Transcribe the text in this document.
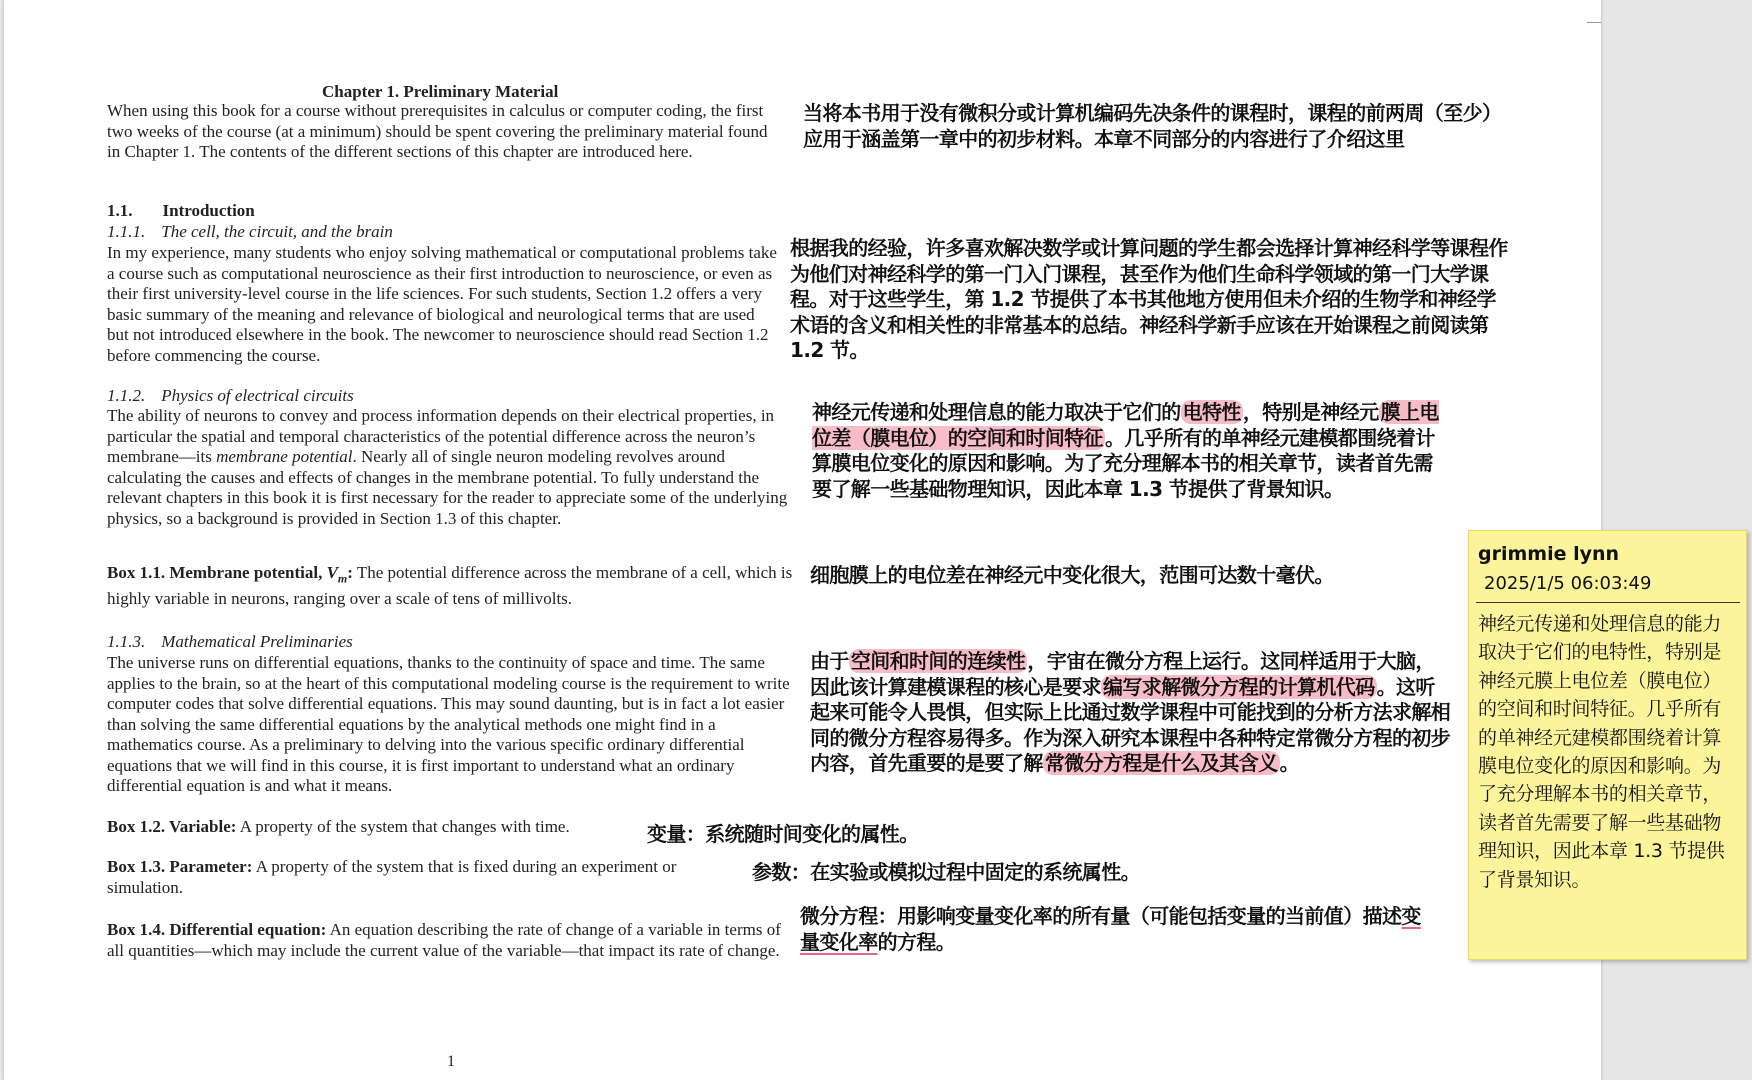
Chapter 1. Preliminary Material

When using this book for a course without prerequisites in calculus or computer coding, the first two weeks of the course (at a minimum) should be spent covering the preliminary material found in Chapter 1. The contents of the different sections of this chapter are introduced here.

当将本书用于没有微积分或计算机编码先决条件的课程时，课程的前两周（至少）应用于涵盖第一章中的初步材料。本章不同部分的内容进行了介绍这里

1.1. Introduction
1.1.1. The cell, the circuit, and the brain

In my experience, many students who enjoy solving mathematical or computational problems take a course such as computational neuroscience as their first introduction to neuroscience, or even as their first university-level course in the life sciences. For such students, Section 1.2 offers a very basic summary of the meaning and relevance of biological and neurological terms that are used but not introduced elsewhere in the book. The newcomer to neuroscience should read Section 1.2 before commencing the course.

根据我的经验，许多喜欢解决数学或计算问题的学生都会选择计算神经科学等课程作为他们对神经科学的第一门入门课程，甚至作为他们生命科学领域的第一门大学课程。对于这些学生，第 1.2 节提供了本书其他地方使用但未介绍的生物学和神经学术语的含义和相关性的非常基本的总结。神经科学新手应该在开始课程之前阅读第 1.2 节。

1.1.2. Physics of electrical circuits

The ability of neurons to convey and process information depends on their electrical properties, in particular the spatial and temporal characteristics of the potential difference across the neuron’s membrane—its membrane potential. Nearly all of single neuron modeling revolves around calculating the causes and effects of changes in the membrane potential. To fully understand the relevant chapters in this book it is first necessary for the reader to appreciate some of the underlying physics, so a background is provided in Section 1.3 of this chapter.

神经元传递和处理信息的能力取决于它们的 电特性 ，特别是神经元 膜上电位差（膜电位）的空间和时间特征 。几乎所有的单神经元建模都围绕着计算膜电位变化的原因和影响。为了充分理解本书的相关章节，读者首先需要了解一些基础物理知识，因此本章 1.3 节提供了背景知识。

Box 1.1. Membrane potential, $V_m$: The potential difference across the membrane of a cell, which is highly variable in neurons, ranging over a scale of tens of millivolts.

细胞膜上的电位差在神经元中变化很大，范围可达数十毫伏。

1.1.3. Mathematical Preliminaries

The universe runs on differential equations, thanks to the continuity of space and time. The same applies to the brain, so at the heart of this computational modeling course is the requirement to write computer codes that solve differential equations. This may sound daunting, but is in fact a lot easier than solving the same differential equations by the analytical methods one might find in a mathematics course. As a preliminary to delving into the various specific ordinary differential equations that we will find in this course, it is first important to understand what an ordinary differential equation is and what it means.

由于 空间和时间的连续性 ，宇宙在微分方程上运行。这同样适用于大脑，因此该计算建模课程的核心是要求 编写求解微分方程的计算机代码 。这听起来可能令人畏惧，但实际上比通过数学课程中可能找到的分析方法求解相同的微分方程容易得多。作为深入研究本课程中各种特定常微分方程的初步内容，首先重要的是要了解 常微分方程是什么及其含义 。

Box 1.2. Variable: A property of the system that changes with time.	变量：系统随时间变化的属性。

Box 1.3. Parameter: A property of the system that is fixed during an experiment or simulation.

参数：在实验或模拟过程中固定的系统属性。

Box 1.4. Differential equation: An equation describing the rate of change of a variable in terms of all quantities—which may include the current value of the variable—that impact its rate of change.

微分方程：用影响变量变化率的所有量（可能包括变量的当前值）描述变量变化率的方程。

1
grimmie lynn
2025/1/5 06:03:49
神经元传递和处理信息的能力取决于它们的电特性，特别是神经元膜上电位差（膜电位）的空间和时间特征。几乎所有的单神经元建模都围绕着计算膜电位变化的原因和影响。为了充分理解本书的相关章节，读者首先需要了解一些基础物理知识，因此本章 1.3 节提供了背景知识。
